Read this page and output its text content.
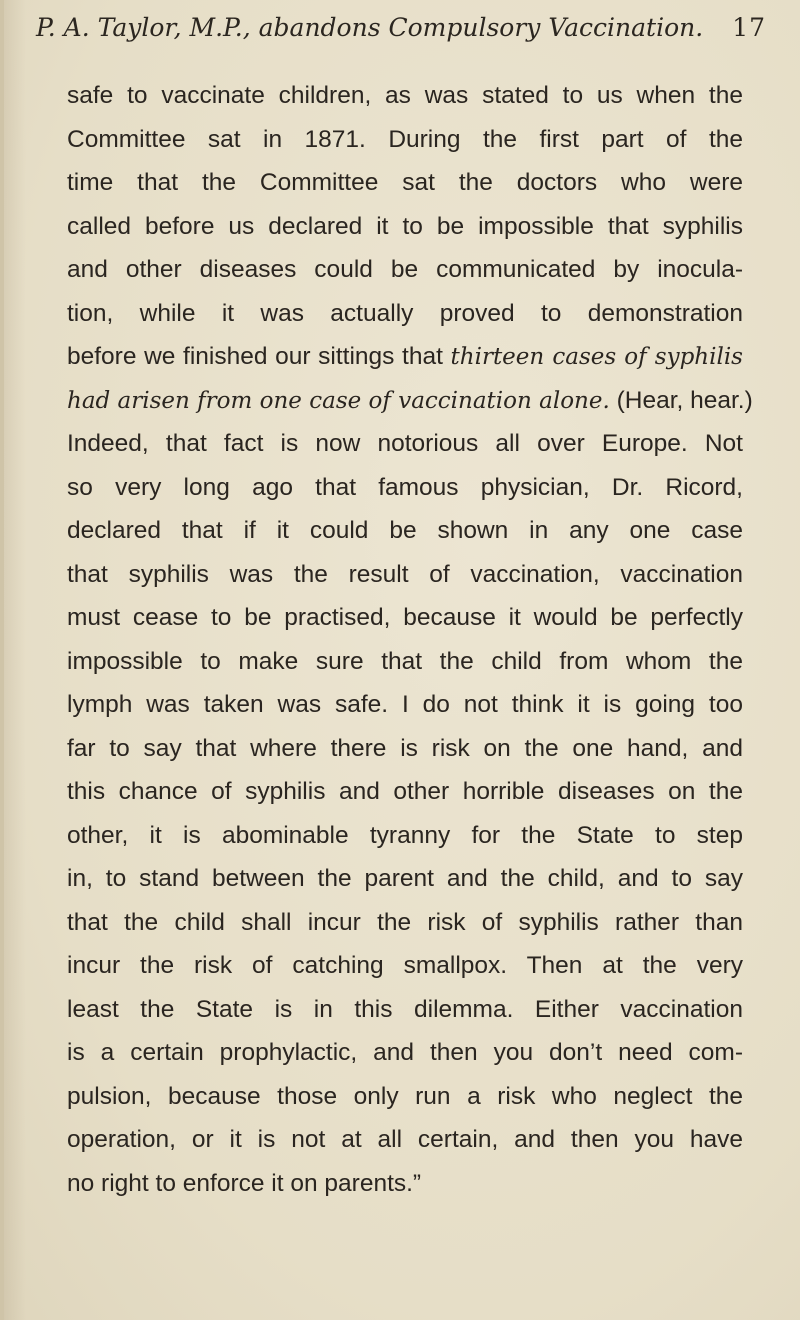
P. A. Taylor, M.P., abandons Compulsory Vaccination. 17
safe to vaccinate children, as was stated to us when the
Committee sat in 1871. During the first part of the
time that the Committee sat the doctors who were
called before us declared it to be impossible that syphilis
and other diseases could be communicated by inocula-
tion, while it was actually proved to demonstration
before we finished our sittings that thirteen cases of syphilis
had arisen from one case of vaccination alone. (Hear, hear.)
Indeed, that fact is now notorious all over Europe. Not
so very long ago that famous physician, Dr. Ricord,
declared that if it could be shown in any one case
that syphilis was the result of vaccination, vaccination
must cease to be practised, because it would be perfectly
impossible to make sure that the child from whom the
lymph was taken was safe. I do not think it is going too
far to say that where there is risk on the one hand, and
this chance of syphilis and other horrible diseases on the
other, it is abominable tyranny for the State to step
in, to stand between the parent and the child, and to say
that the child shall incur the risk of syphilis rather than
incur the risk of catching smallpox. Then at the very
least the State is in this dilemma. Either vaccination
is a certain prophylactic, and then you don’t need com-
pulsion, because those only run a risk who neglect the
operation, or it is not at all certain, and then you have
no right to enforce it on parents.”
